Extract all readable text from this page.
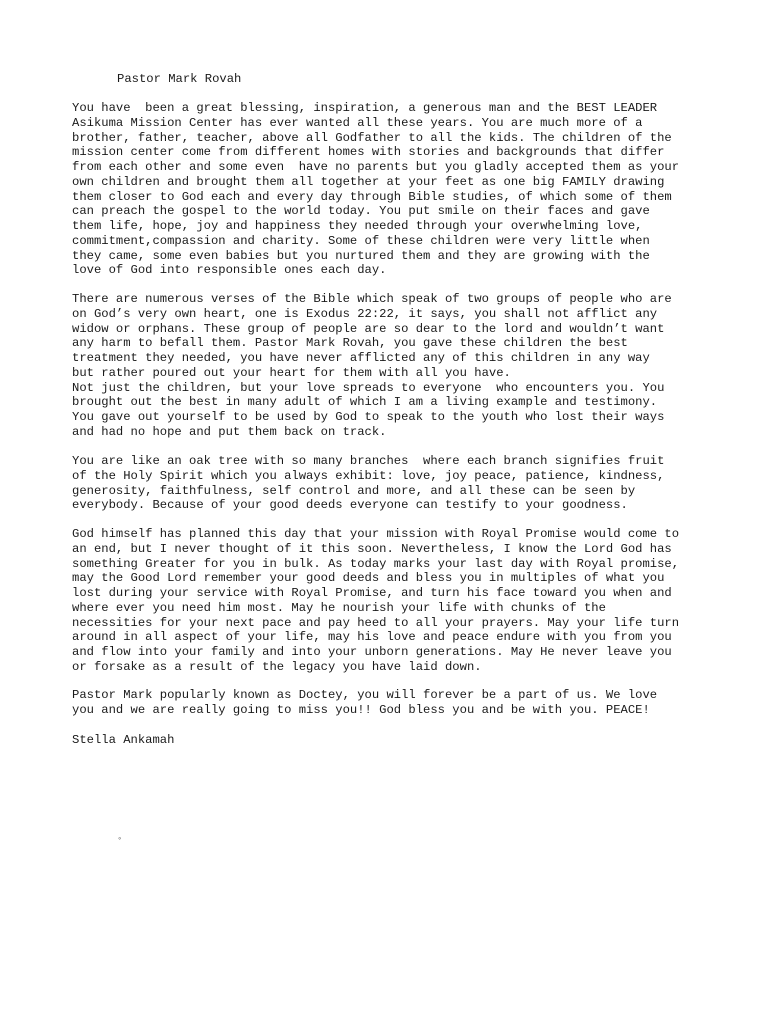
Pastor Mark Rovah
You have  been a great blessing, inspiration, a generous man and the BEST LEADER
Asikuma Mission Center has ever wanted all these years. You are much more of a
brother, father, teacher, above all Godfather to all the kids. The children of the
mission center come from different homes with stories and backgrounds that differ
from each other and some even  have no parents but you gladly accepted them as your
own children and brought them all together at your feet as one big FAMILY drawing
them closer to God each and every day through Bible studies, of which some of them
can preach the gospel to the world today. You put smile on their faces and gave
them life, hope, joy and happiness they needed through your overwhelming love,
commitment,compassion and charity. Some of these children were very little when
they came, some even babies but you nurtured them and they are growing with the
love of God into responsible ones each day.
There are numerous verses of the Bible which speak of two groups of people who are
on God’s very own heart, one is Exodus 22:22, it says, you shall not afflict any
widow or orphans. These group of people are so dear to the lord and wouldn’t want
any harm to befall them. Pastor Mark Rovah, you gave these children the best
treatment they needed, you have never afflicted any of this children in any way
but rather poured out your heart for them with all you have.
Not just the children, but your love spreads to everyone  who encounters you. You
brought out the best in many adult of which I am a living example and testimony.
You gave out yourself to be used by God to speak to the youth who lost their ways
and had no hope and put them back on track.
You are like an oak tree with so many branches  where each branch signifies fruit
of the Holy Spirit which you always exhibit: love, joy peace, patience, kindness,
generosity, faithfulness, self control and more, and all these can be seen by
everybody. Because of your good deeds everyone can testify to your goodness.
God himself has planned this day that your mission with Royal Promise would come to
an end, but I never thought of it this soon. Nevertheless, I know the Lord God has
something Greater for you in bulk. As today marks your last day with Royal promise,
may the Good Lord remember your good deeds and bless you in multiples of what you
lost during your service with Royal Promise, and turn his face toward you when and
where ever you need him most. May he nourish your life with chunks of the
necessities for your next pace and pay heed to all your prayers. May your life turn
around in all aspect of your life, may his love and peace endure with you from you
and flow into your family and into your unborn generations. May He never leave you
or forsake as a result of the legacy you have laid down.
Pastor Mark popularly known as Doctey, you will forever be a part of us. We love
you and we are really going to miss you!! God bless you and be with you. PEACE!
Stella Ankamah
◦
